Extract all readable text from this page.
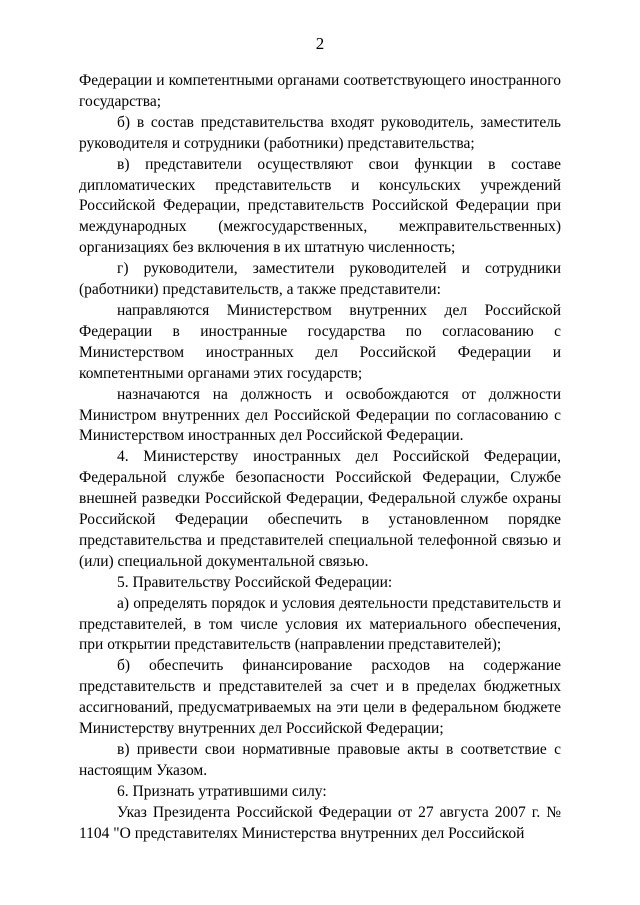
2

Федерации и компетентными органами соответствующего иностранного государства;

б) в состав представительства входят руководитель, заместитель руководителя и сотрудники (работники) представительства;

в) представители осуществляют свои функции в составе дипломатических представительств и консульских учреждений Российской Федерации, представительств Российской Федерации при международных (межгосударственных, межправительственных) организациях без включения в их штатную численность;

г) руководители, заместители руководителей и сотрудники (работники) представительств, а также представители:

направляются Министерством внутренних дел Российской Федерации в иностранные государства по согласованию с Министерством иностранных дел Российской Федерации и компетентными органами этих государств;

назначаются на должность и освобождаются от должности Министром внутренних дел Российской Федерации по согласованию с Министерством иностранных дел Российской Федерации.

4. Министерству иностранных дел Российской Федерации, Федеральной службе безопасности Российской Федерации, Службе внешней разведки Российской Федерации, Федеральной службе охраны Российской Федерации обеспечить в установленном порядке представительства и представителей специальной телефонной связью и (или) специальной документальной связью.

5. Правительству Российской Федерации:

а) определять порядок и условия деятельности представительств и представителей, в том числе условия их материального обеспечения, при открытии представительств (направлении представителей);

б) обеспечить финансирование расходов на содержание представительств и представителей за счет и в пределах бюджетных ассигнований, предусматриваемых на эти цели в федеральном бюджете Министерству внутренних дел Российской Федерации;

в) привести свои нормативные правовые акты в соответствие с настоящим Указом.

6. Признать утратившими силу:

Указ Президента Российской Федерации от 27 августа 2007 г. № 1104 "О представителях Министерства внутренних дел Российской
